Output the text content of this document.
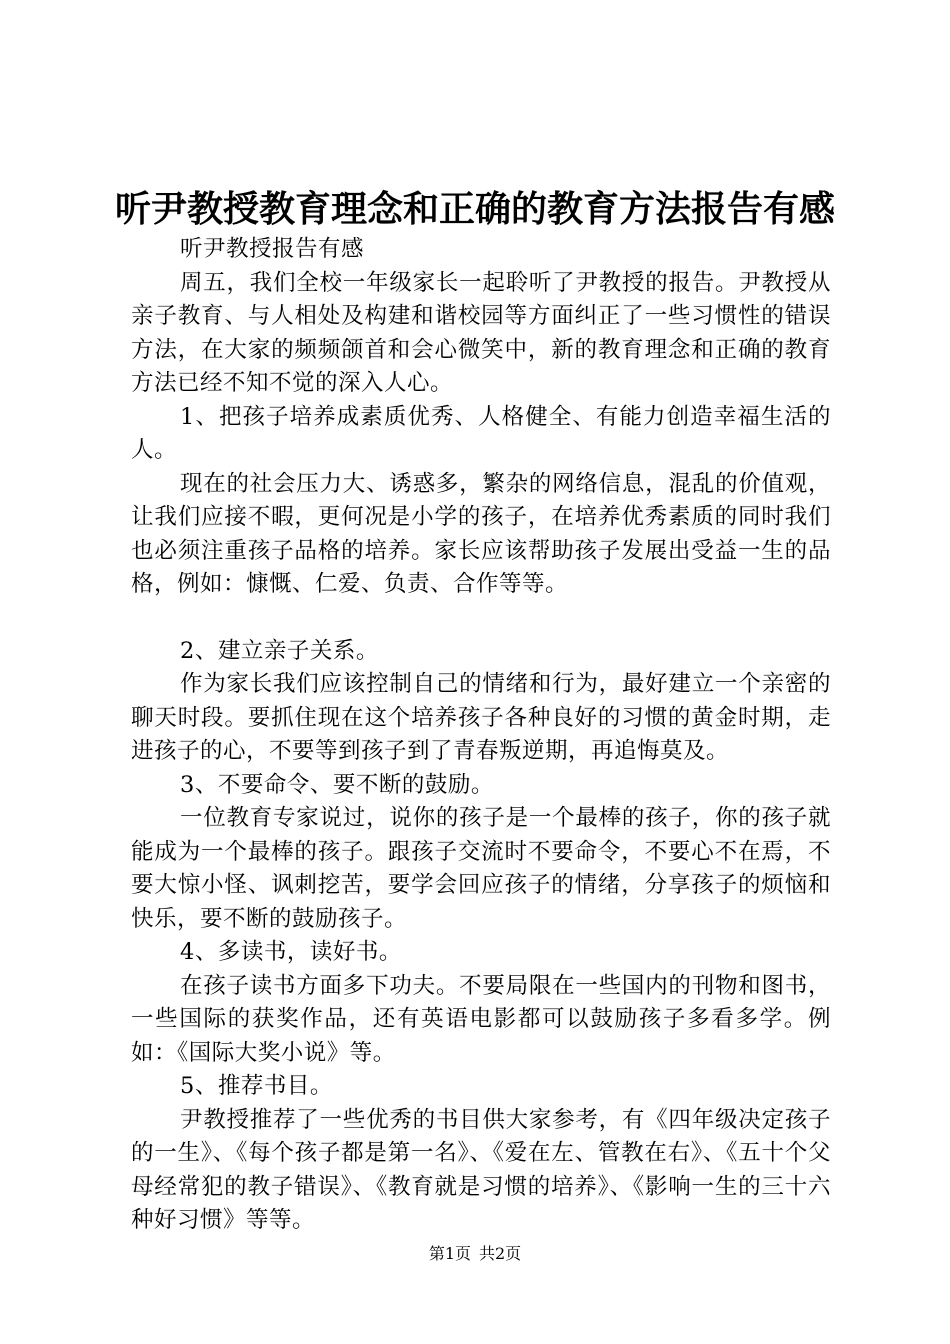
听尹教授教育理念和正确的教育方法报告有感

听尹教授报告有感

周五，我们全校一年级家长一起聆听了尹教授的报告。尹教授从亲子教育、与人相处及构建和谐校园等方面纠正了一些习惯性的错误方法，在大家的频频颌首和会心微笑中，新的教育理念和正确的教育方法已经不知不觉的深入人心。

1、把孩子培养成素质优秀、人格健全、有能力创造幸福生活的人。

现在的社会压力大、诱惑多，繁杂的网络信息，混乱的价值观，让我们应接不暇，更何况是小学的孩子，在培养优秀素质的同时我们也必须注重孩子品格的培养。家长应该帮助孩子发展出受益一生的品格，例如：慷慨、仁爱、负责、合作等等。

2、建立亲子关系。

作为家长我们应该控制自己的情绪和行为，最好建立一个亲密的聊天时段。要抓住现在这个培养孩子各种良好的习惯的黄金时期，走进孩子的心，不要等到孩子到了青春叛逆期，再追悔莫及。

3、不要命令、要不断的鼓励。

一位教育专家说过，说你的孩子是一个最棒的孩子，你的孩子就能成为一个最棒的孩子。跟孩子交流时不要命令，不要心不在焉，不要大惊小怪、讽刺挖苦，要学会回应孩子的情绪，分享孩子的烦恼和快乐，要不断的鼓励孩子。

4、多读书，读好书。

在孩子读书方面多下功夫。不要局限在一些国内的刊物和图书，一些国际的获奖作品，还有英语电影都可以鼓励孩子多看多学。例如：《国际大奖小说》等。

5、推荐书目。

尹教授推荐了一些优秀的书目供大家参考，有《四年级决定孩子的一生》、《每个孩子都是第一名》、《爱在左、管教在右》、《五十个父母经常犯的教子错误》、《教育就是习惯的培养》、《影响一生的三十六种好习惯》等等。

第1页 共2页
